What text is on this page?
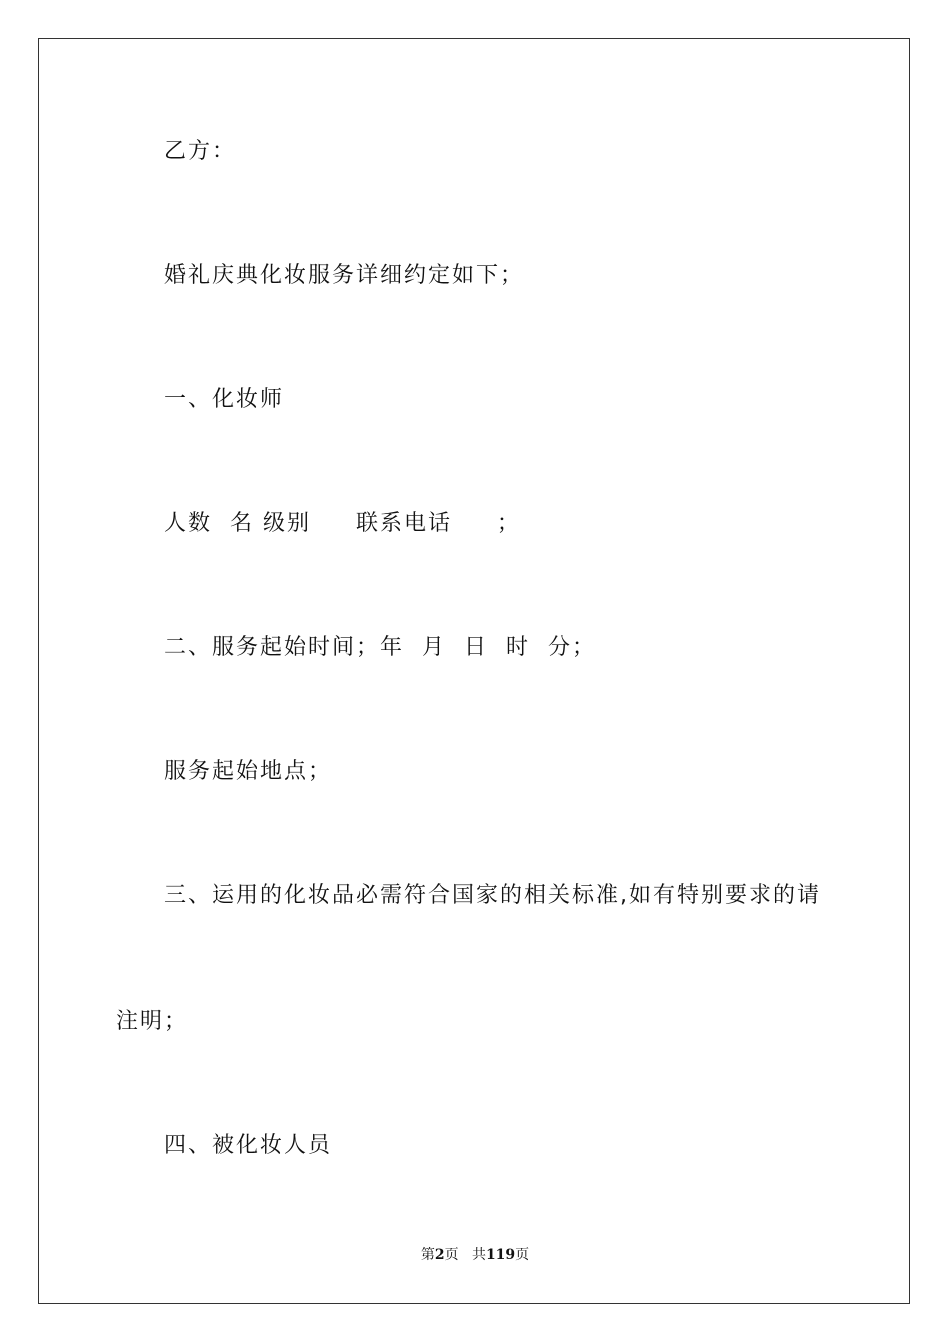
乙方：

婚礼庆典化妆服务详细约定如下；

一、化妆师

人数  名 级别     联系电话     ；

二、服务起始时间；年  月  日  时  分；

服务起始地点；

三、运用的化妆品必需符合国家的相关标准,如有特别要求的请

注明；

四、被化妆人员

第2页 共119页
